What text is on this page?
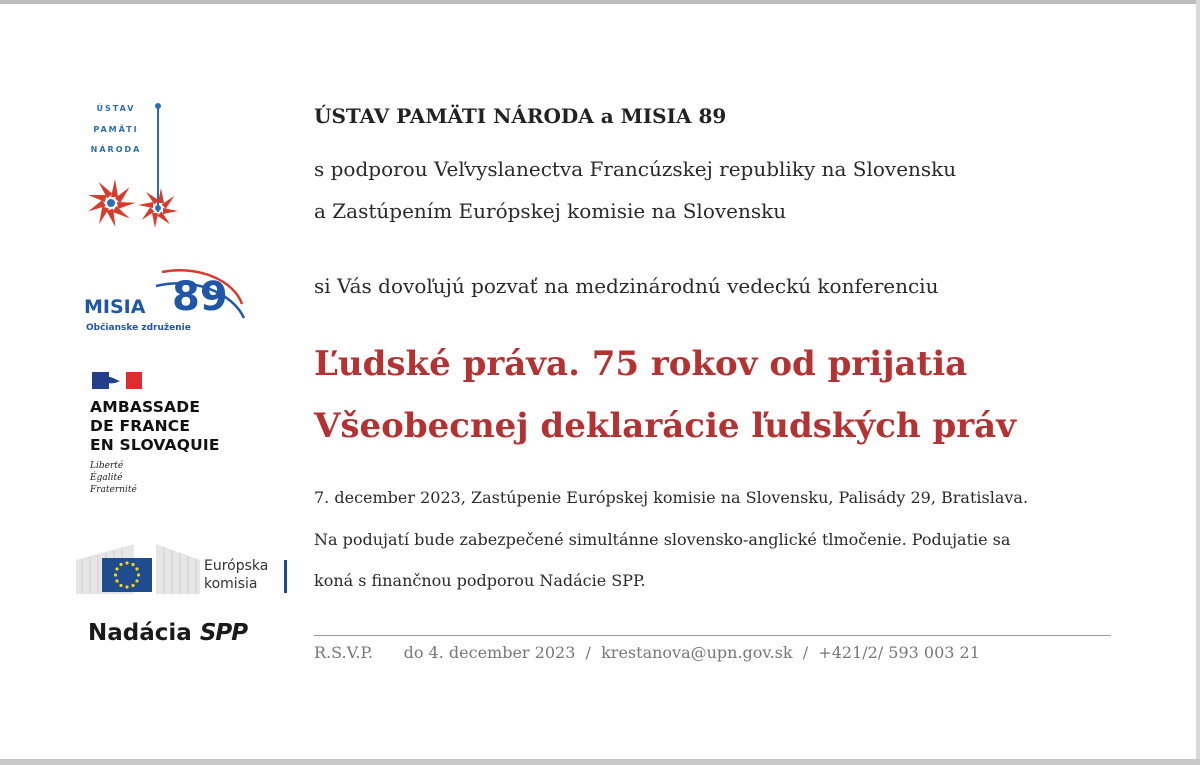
ÚSTAV
PAMÄTI
NÁRODA
MISIA 89
Občianske združenie
AMBASSADE
DE FRANCE
EN SLOVAQUIE
Liberté
Égalité
Fraternité
Európska
komisia
Nadácia SPP
ÚSTAV PAMÄTI NÁRODA a MISIA 89
s podporou Veľvyslanectva Francúzskej republiky na Slovensku
a Zastúpením Európskej komisie na Slovensku
si Vás dovoľujú pozvať na medzinárodnú vedeckú konferenciu
Ľudské práva. 75 rokov od prijatia
Všeobecnej deklarácie ľudských práv
7. december 2023, Zastúpenie Európskej komisie na Slovensku, Palisády 29, Bratislava.
Na podujatí bude zabezpečené simultánne slovensko-anglické tlmočenie. Podujatie sa
koná s finančnou podporou Nadácie SPP.
R.S.V.P. do 4. december 2023 / krestanova@upn.gov.sk / +421/2/ 593 003 21
